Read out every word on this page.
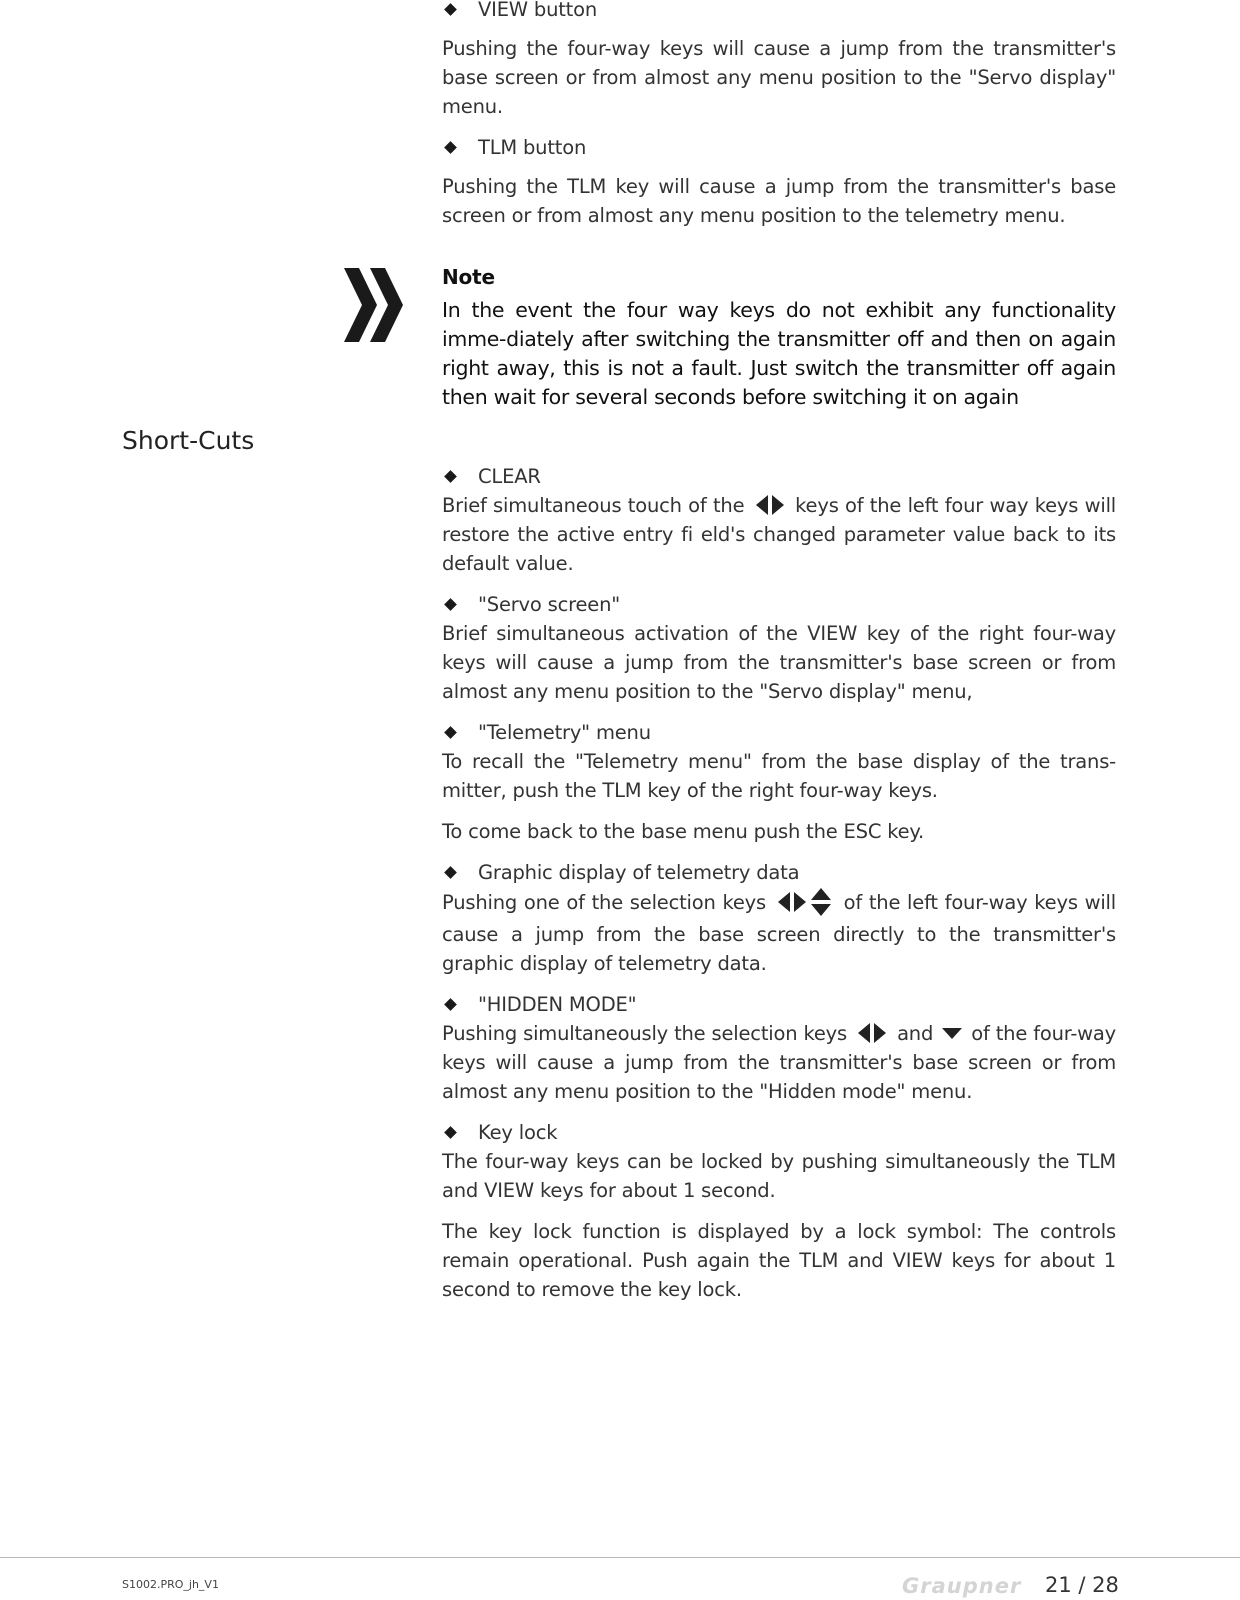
Short-Cuts
VIEW button

Pushing the four-way keys will cause a jump from the transmitter's base screen or from almost any menu position to the "Servo display" menu.

TLM button

Pushing the TLM key will cause a jump from the transmitter's base screen or from almost any menu position to the telemetry menu.

Note

In the event the four way keys do not exhibit any functionality imme-diately after switching the transmitter off and then on again right away, this is not a fault. Just switch the transmitter off again then wait for several seconds before switching it on again

CLEAR

Brief simultaneous touch of the	keys of the left four way keys will restore the active entry fi eld's changed parameter value back to its default value.

"Servo screen"

Brief simultaneous activation of the VIEW key of the right four-way keys will cause a jump from the transmitter's base screen or from almost any menu position to the "Servo display" menu,

"Telemetry" menu

To recall the "Telemetry menu" from the base display of the trans-mitter, push the TLM key of the right four-way keys.

To come back to the base menu push the ESC key.

Graphic display of telemetry data

Pushing one of the selection keys	of the left four-way keys will cause a jump from the base screen directly to the transmitter's graphic display of telemetry data.

"HIDDEN MODE"

Pushing simultaneously the selection keys	and of the four-way keys will cause a jump from the transmitter's base screen or from almost any menu position to the "Hidden mode" menu.

Key lock

The four-way keys can be locked by pushing simultaneously the TLM and VIEW keys for about 1 second.

The key lock function is displayed by a lock symbol: The controls remain operational. Push again the TLM and VIEW keys for about 1 second to remove the key lock.

S1002.PRO_jh_V1	Graupner 21 / 28
